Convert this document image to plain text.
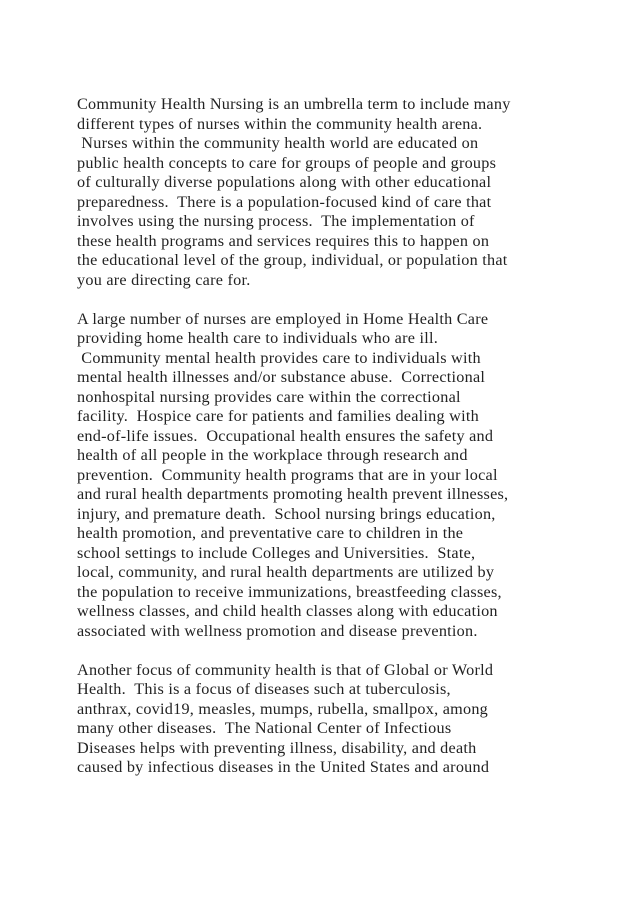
Community Health Nursing is an umbrella term to include many
different types of nurses within the community health arena.
Nurses within the community health world are educated on
public health concepts to care for groups of people and groups
of culturally diverse populations along with other educational
preparedness.  There is a population-focused kind of care that
involves using the nursing process.  The implementation of
these health programs and services requires this to happen on
the educational level of the group, individual, or population that
you are directing care for.
A large number of nurses are employed in Home Health Care
providing home health care to individuals who are ill.
Community mental health provides care to individuals with
mental health illnesses and/or substance abuse.  Correctional
nonhospital nursing provides care within the correctional
facility.  Hospice care for patients and families dealing with
end-of-life issues.  Occupational health ensures the safety and
health of all people in the workplace through research and
prevention.  Community health programs that are in your local
and rural health departments promoting health prevent illnesses,
injury, and premature death.  School nursing brings education,
health promotion, and preventative care to children in the
school settings to include Colleges and Universities.  State,
local, community, and rural health departments are utilized by
the population to receive immunizations, breastfeeding classes,
wellness classes, and child health classes along with education
associated with wellness promotion and disease prevention.
Another focus of community health is that of Global or World
Health.  This is a focus of diseases such at tuberculosis,
anthrax, covid19, measles, mumps, rubella, smallpox, among
many other diseases.  The National Center of Infectious
Diseases helps with preventing illness, disability, and death
caused by infectious diseases in the United States and around
